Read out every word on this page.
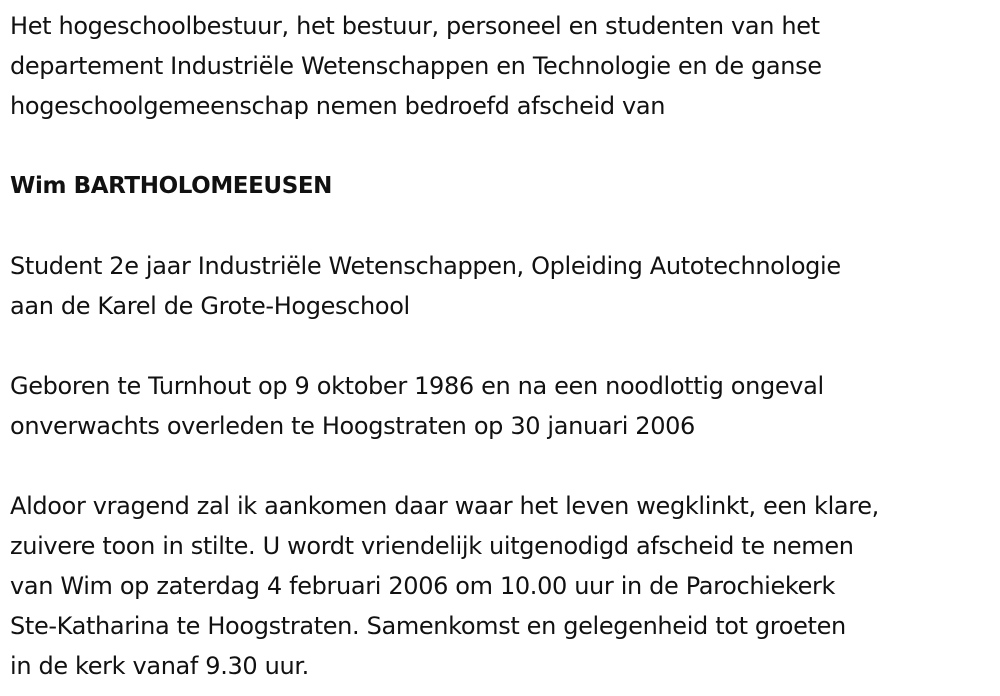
Het hogeschoolbestuur, het bestuur, personeel en studenten van het
departement Industriële Wetenschappen en Technologie en de ganse
hogeschoolgemeenschap nemen bedroefd afscheid van

Wim BARTHOLOMEEUSEN

Student 2e jaar Industriële Wetenschappen, Opleiding Autotechnologie
aan de Karel de Grote-Hogeschool

Geboren te Turnhout op 9 oktober 1986 en na een noodlottig ongeval
onverwachts overleden te Hoogstraten op 30 januari 2006

Aldoor vragend zal ik aankomen daar waar het leven wegklinkt, een klare,
zuivere toon in stilte. U wordt vriendelijk uitgenodigd afscheid te nemen
van Wim op zaterdag 4 februari 2006 om 10.00 uur in de Parochiekerk
Ste-Katharina te Hoogstraten. Samenkomst en gelegenheid tot groeten
in de kerk vanaf 9.30 uur.
